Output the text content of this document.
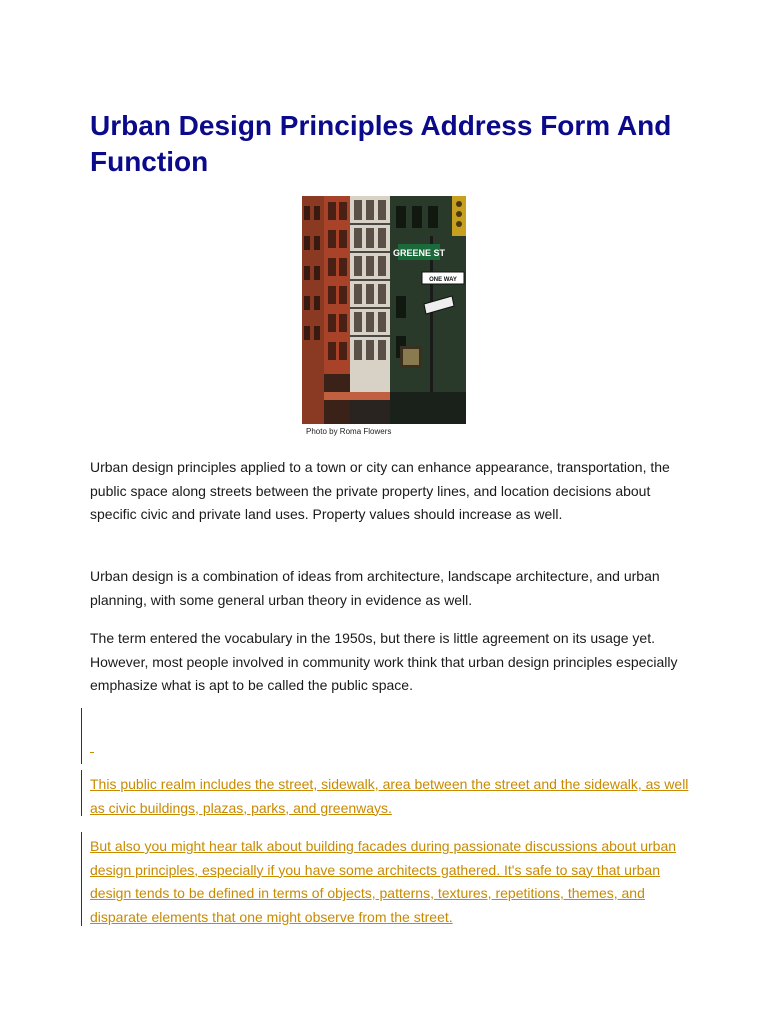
Urban Design Principles Address Form And Function
GREENE ST
ONE WAY
Photo by Roma Flowers

Urban design principles applied to a town or city can enhance appearance, transportation, the public space along streets between the private property lines, and location decisions about specific civic and private land uses. Property values should increase as well.

Urban design is a combination of ideas from architecture, landscape architecture, and urban planning, with some general urban theory in evidence as well.

The term entered the vocabulary in the 1950s, but there is little agreement on its usage yet. However, most people involved in community work think that urban design principles especially emphasize what is apt to be called the public space.

This public realm includes the street, sidewalk, area between the street and the sidewalk, as well as civic buildings, plazas, parks, and greenways.

But also you might hear talk about building facades during passionate discussions about urban design principles, especially if you have some architects gathered. It's safe to say that urban design tends to be defined in terms of objects, patterns, textures, repetitions, themes, and disparate elements that one might observe from the street.
